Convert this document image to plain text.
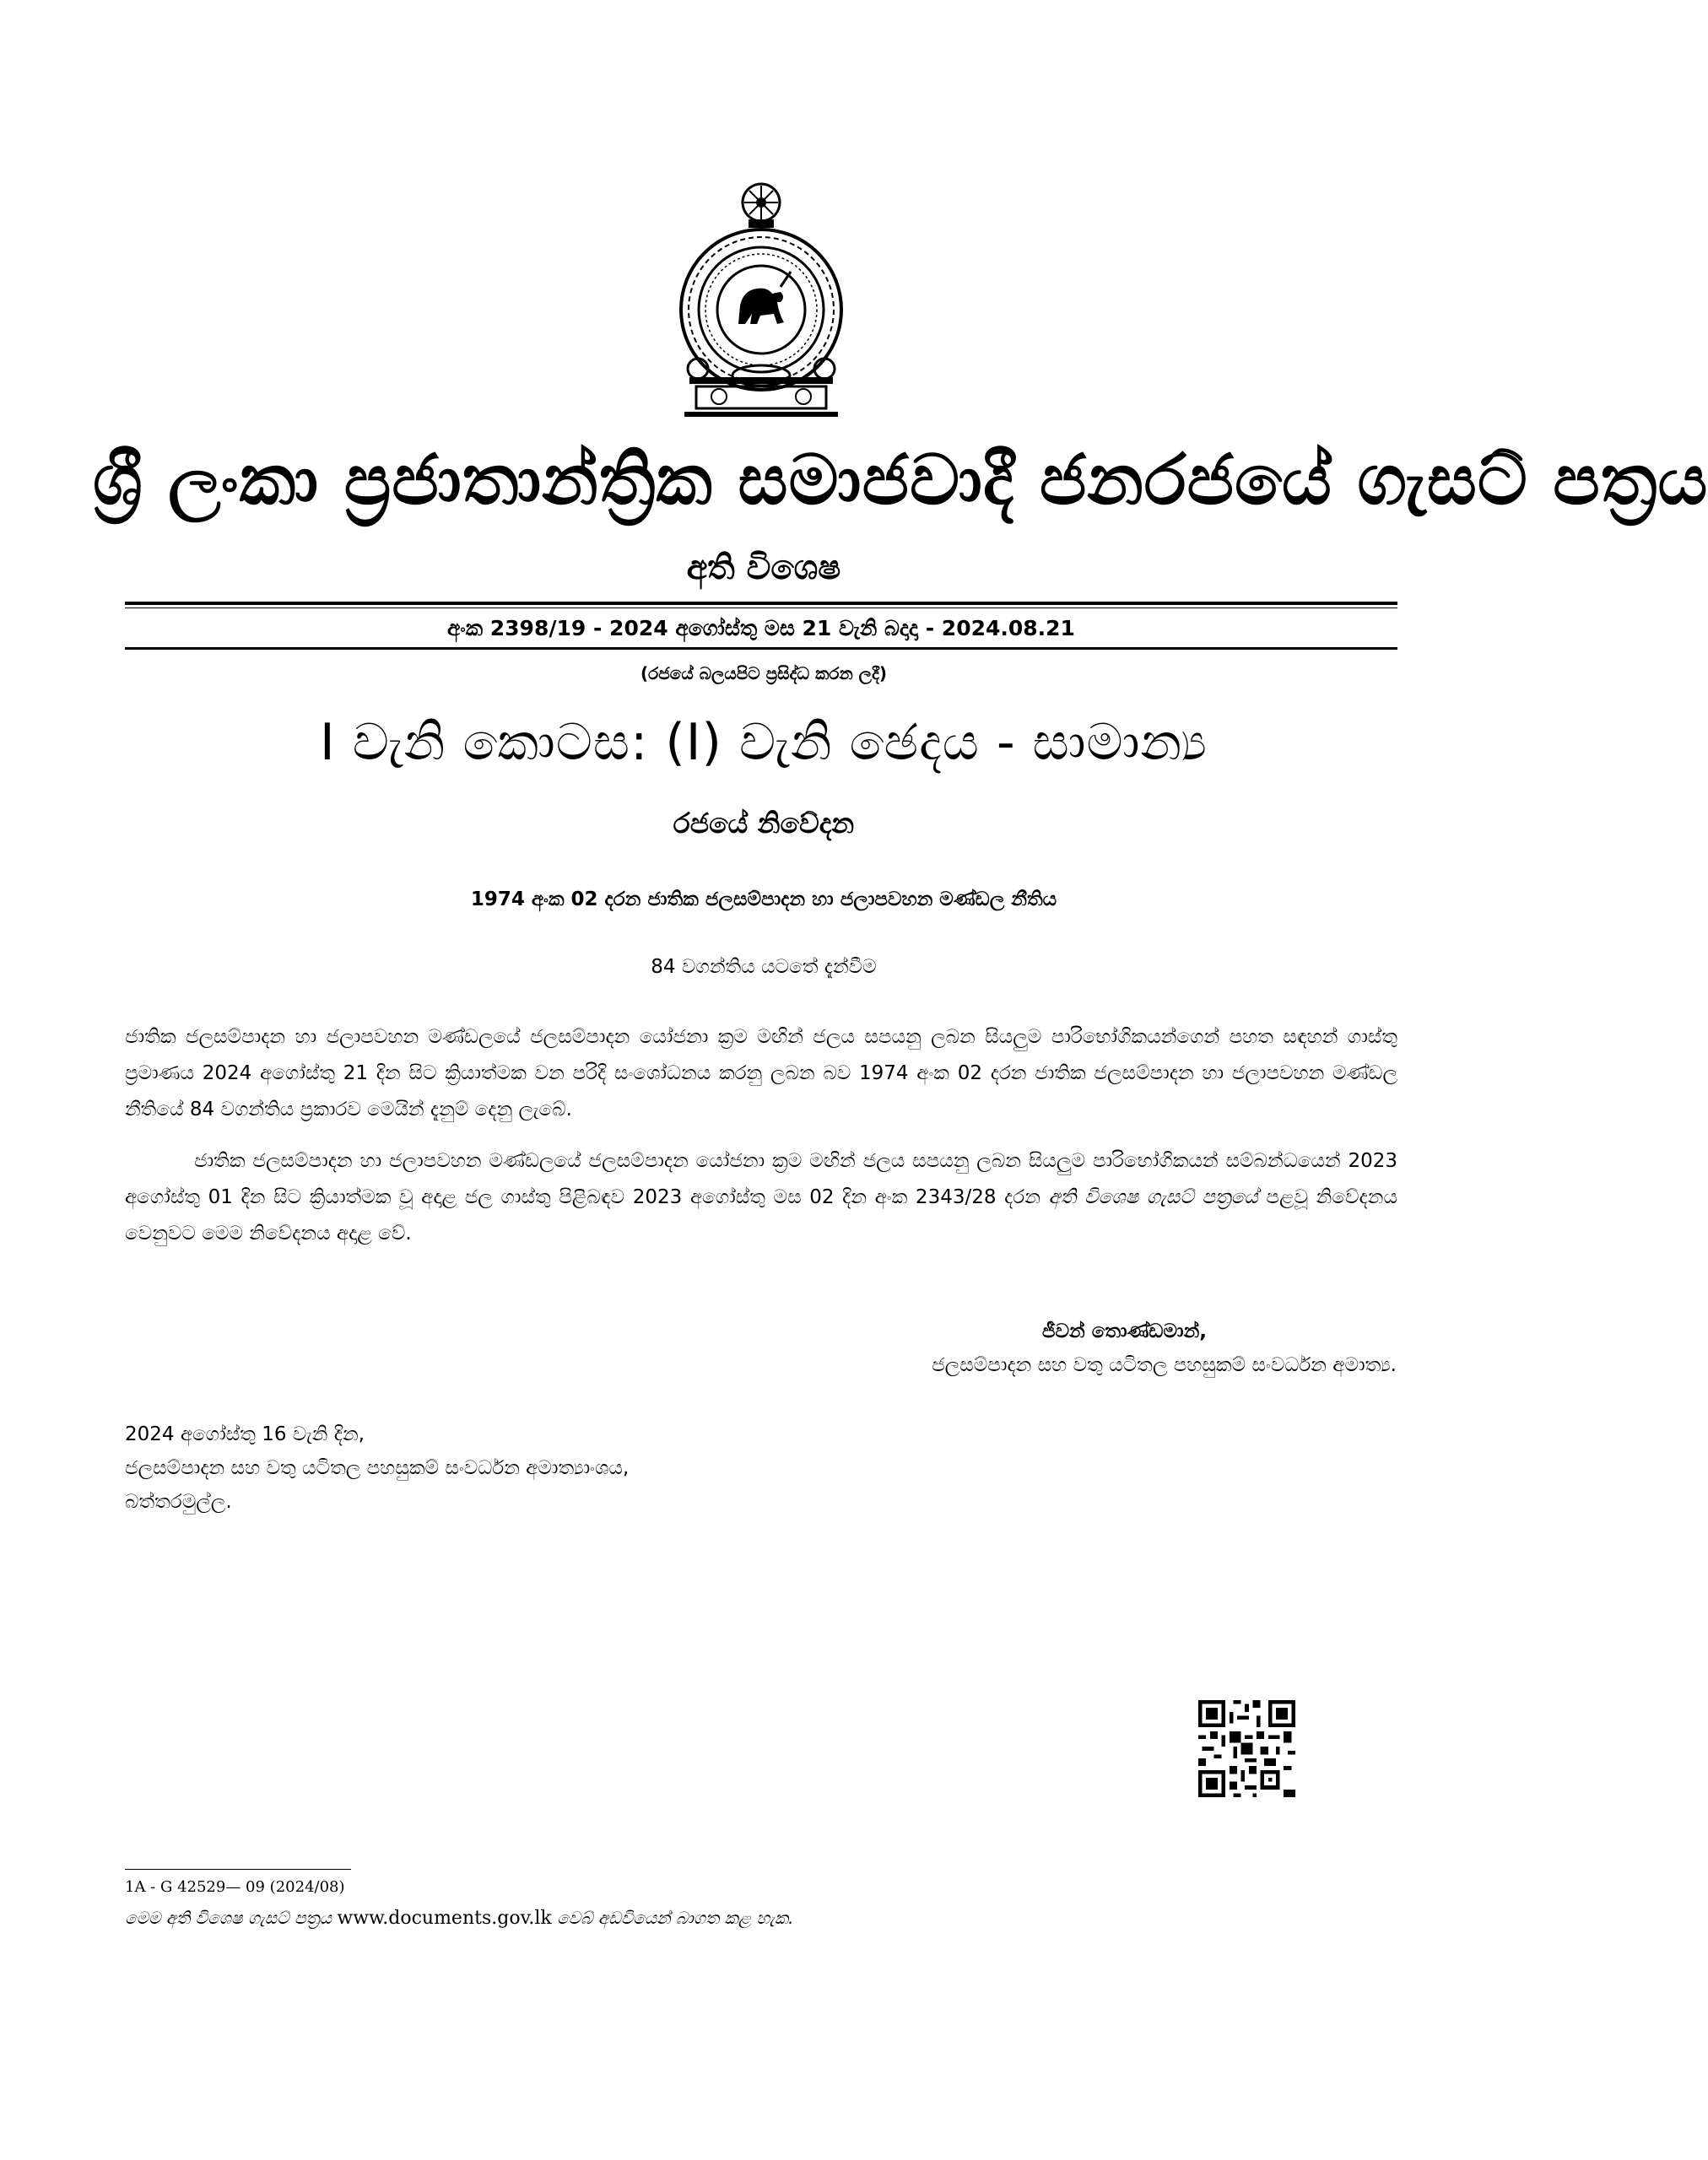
ශ්‍රී ලංකා ප්‍රජාතාන්ත්‍රික සමාජවාදී ජනරජයේ ගැසට් පත්‍රය
අති විශෙෂ
අංක 2398/19 - 2024 අගෝස්තු මස 21 වැනි බදාදා - 2024.08.21
(රජයේ බලයපිට ප්‍රසිද්ධ කරන ලදී)
I වැනි කොටස: (I) වැනි ඡෙදය - සාමාන්‍ය
රජයේ නිවේදන
1974 අංක 02 දරන ජාතික ජලසම්පාදන හා ජලාපවහන මණ්ඩල නීතිය
84 වගන්තිය යටතේ දැන්වීම
ජාතික ජලසම්පාදන හා ජලාපවහන මණ්ඩලයේ ජලසම්පාදන යෝජනා ක්‍රම මඟින් ජලය සපයනු ලබන සියලුම පාරිභෝගිකයන්ගෙන් පහත සඳහන් ගාස්තු ප්‍රමාණය 2024 අගෝස්තු 21 දින සිට ක්‍රියාත්මක වන පරිදි සංශෝධනය කරනු ලබන බව 1974 අංක 02 දරන ජාතික ජලසම්පාදන හා ජලාපවහන මණ්ඩල නීතියේ 84 වගන්තිය ප්‍රකාරව මෙයින් දැනුම් දෙනු ලැබේ.
ජාතික ජලසම්පාදන හා ජලාපවහන මණ්ඩලයේ ජලසම්පාදන යෝජනා ක්‍රම මඟින් ජලය සපයනු ලබන සියලුම පාරිභෝගිකයන් සම්බන්ධයෙන් 2023 අගෝස්තු 01 දින සිට ක්‍රියාත්මක වූ අදාළ ජල ගාස්තු පිළිබඳව 2023 අගෝස්තු මස 02 දින අංක 2343/28 දරන අති විශෙෂ ගැසට් පත්‍රයේ පළවූ නිවේදනය වෙනුවට මෙම නිවේදනය අදාළ වේ.
ජීවන් තොණ්ඩමාන්,
ජලසම්පාදන සහ වතු යටිතල පහසුකම් සංවර්ධන අමාත්‍ය.
2024 අගෝස්තු 16 වැනි දින,
ජලසම්පාදන සහ වතු යටිතල පහසුකම් සංවර්ධන අමාත්‍යාංශය,
බත්තරමුල්ල.
1A - G 42529— 09 (2024/08)
මෙම අති විශෙෂ ගැසට් පත්‍රය www.documents.gov.lk වෙබ් අඩවියෙන් බාගත කළ හැක.
